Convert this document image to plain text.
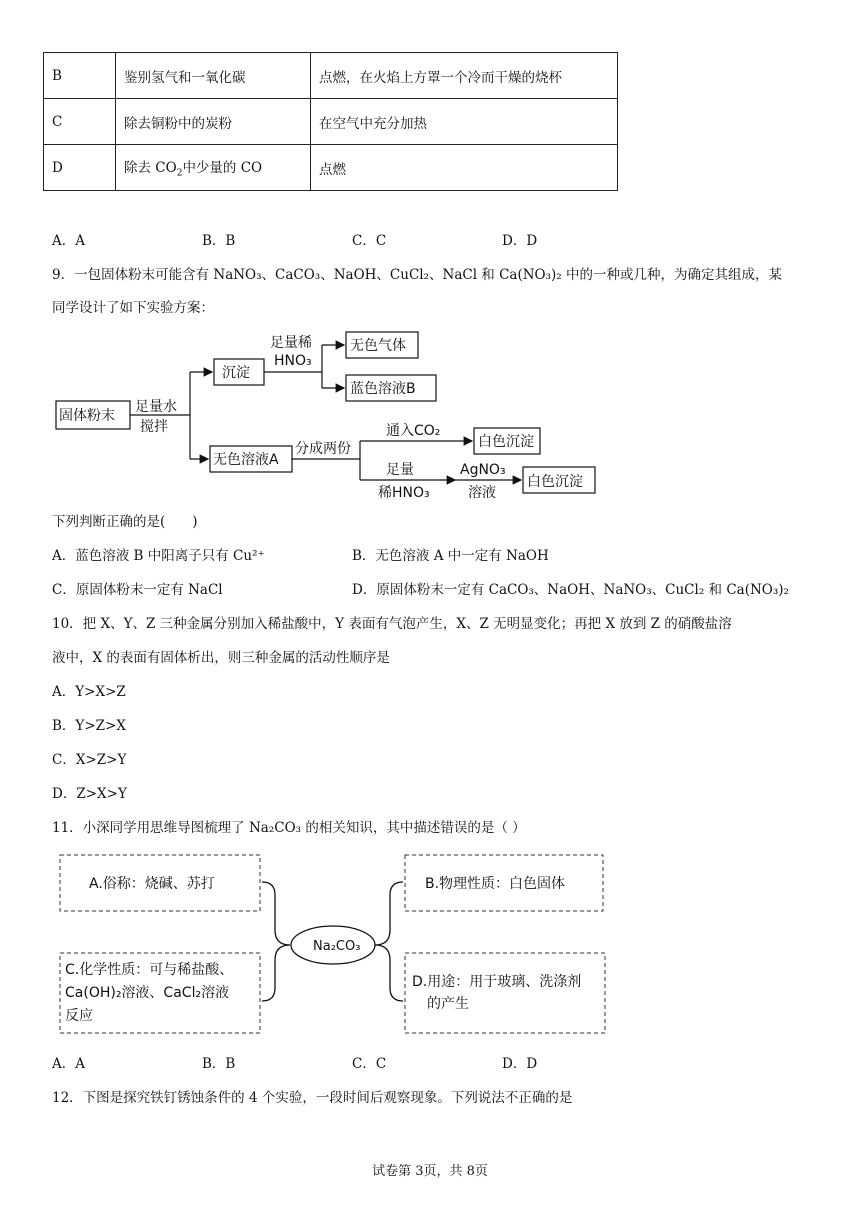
B	鉴别氢气和一氧化碳	点燃，在火焰上方罩一个冷而干燥的烧杯
C	除去铜粉中的炭粉	在空气中充分加热
D	除去 $CO_2$中少量的 CO	点燃
A．A	B．B	C．C	D．D
9．一包固体粉末可能含有 NaNO₃、CaCO₃、NaOH、CuCl₂、NaCl 和 Ca(NO₃)₂ 中的一种或几种，为确定其组成，某
同学设计了如下实验方案：
固体粉末
足量水
搅拌
沉淀
足量稀
HNO₃
无色气体
蓝色溶液B
无色溶液A
分成两份
通入CO₂
白色沉淀
足量
稀HNO₃
AgNO₃
溶液
白色沉淀
下列判断正确的是(　　)
A．蓝色溶液 B 中阳离子只有 Cu²⁺	B．无色溶液 A 中一定有 NaOH
C．原固体粉末一定有 NaCl	D．原固体粉末一定有 CaCO₃、NaOH、NaNO₃、CuCl₂ 和 Ca(NO₃)₂
10．把 X、Y、Z 三种金属分别加入稀盐酸中，Y 表面有气泡产生，X、Z 无明显变化；再把 X 放到 Z 的硝酸盐溶
液中，X 的表面有固体析出，则三种金属的活动性顺序是
A．Y>X>Z
B．Y>Z>X
C．X>Z>Y
D．Z>X>Y
11．小深同学用思维导图梳理了 Na₂CO₃ 的相关知识，其中描述错误的是（ ）
Na₂CO₃
A.俗称：烧碱、苏打	B.物理性质：白色固体
C.化学性质：可与稀盐酸、
Ca(OH)₂溶液、CaCl₂溶液
反应
D.用途：用于玻璃、洗涤剂
的产生
A．A	B．B	C．C	D．D
12．下图是探究铁钉锈蚀条件的 4 个实验，一段时间后观察现象。下列说法不正确的是
试卷第 3页，共 8页
